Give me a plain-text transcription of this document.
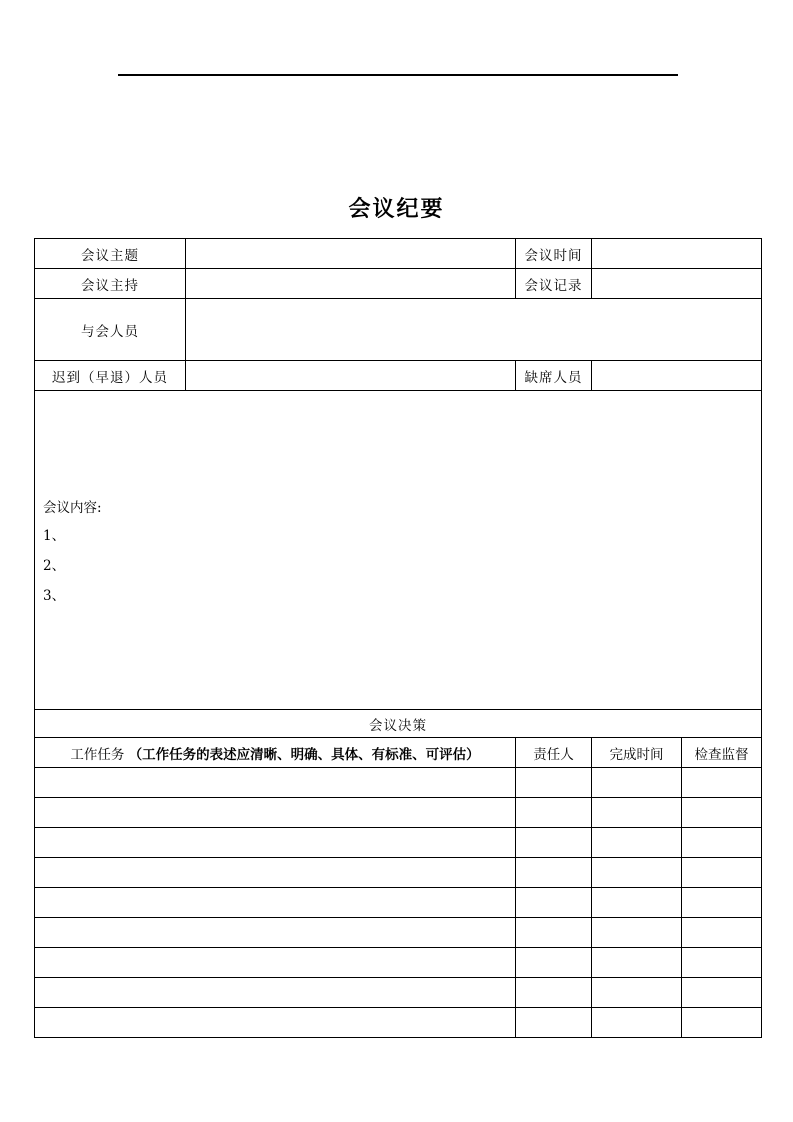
会议纪要
会议主题		会议时间		
会议主持		会议记录		
与会人员				
迟到（早退）人员		缺席人员		

会议内容:
1、
2、
3、				

会议决策				
工作任务 （工作任务的表述应清晰、明确、具体、有标准、可评估）		责任人	完成时间	检查监督
